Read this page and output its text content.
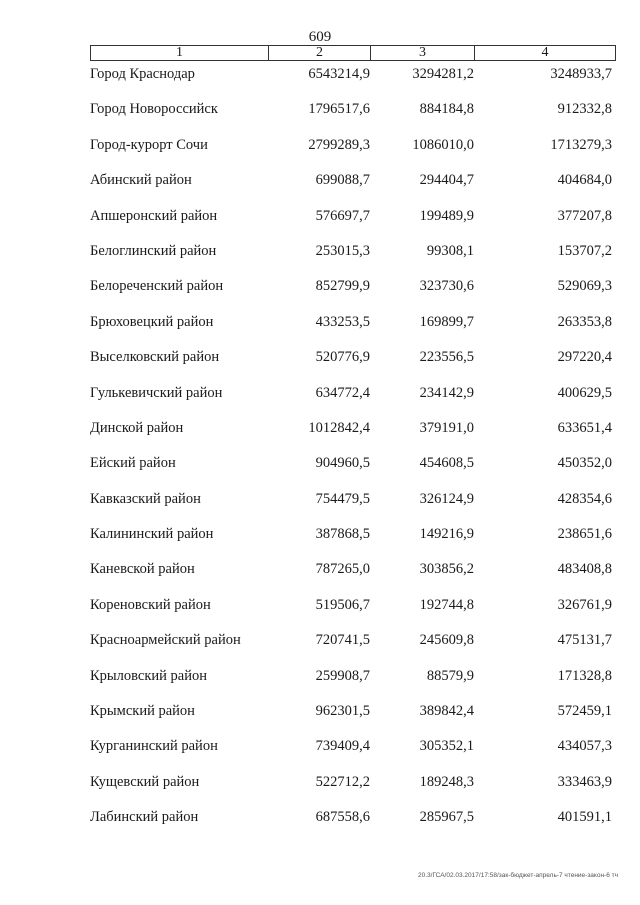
609
1	2	3	4
Город Краснодар	6543214,9	3294281,2	3248933,7
Город Новороссийск	1796517,6	884184,8	912332,8
Город-курорт Сочи	2799289,3	1086010,0	1713279,3
Абинский район	699088,7	294404,7	404684,0
Апшеронский район	576697,7	199489,9	377207,8
Белоглинский район	253015,3	99308,1	153707,2
Белореченский район	852799,9	323730,6	529069,3
Брюховецкий район	433253,5	169899,7	263353,8
Выселковский район	520776,9	223556,5	297220,4
Гулькевичский район	634772,4	234142,9	400629,5
Динской район	1012842,4	379191,0	633651,4
Ейский район	904960,5	454608,5	450352,0
Кавказский район	754479,5	326124,9	428354,6
Калининский район	387868,5	149216,9	238651,6
Каневской район	787265,0	303856,2	483408,8
Кореновский район	519506,7	192744,8	326761,9
Красноармейский район	720741,5	245609,8	475131,7
Крыловский район	259908,7	88579,9	171328,8
Крымский район	962301,5	389842,4	572459,1
Курганинский район	739409,4	305352,1	434057,3
Кущевский район	522712,2	189248,3	333463,9
Лабинский район	687558,6	285967,5	401591,1
20.3/ГСА/02.03.2017/17:58/зак-бюджет-апрель-7 чтение-закон-6 тч
